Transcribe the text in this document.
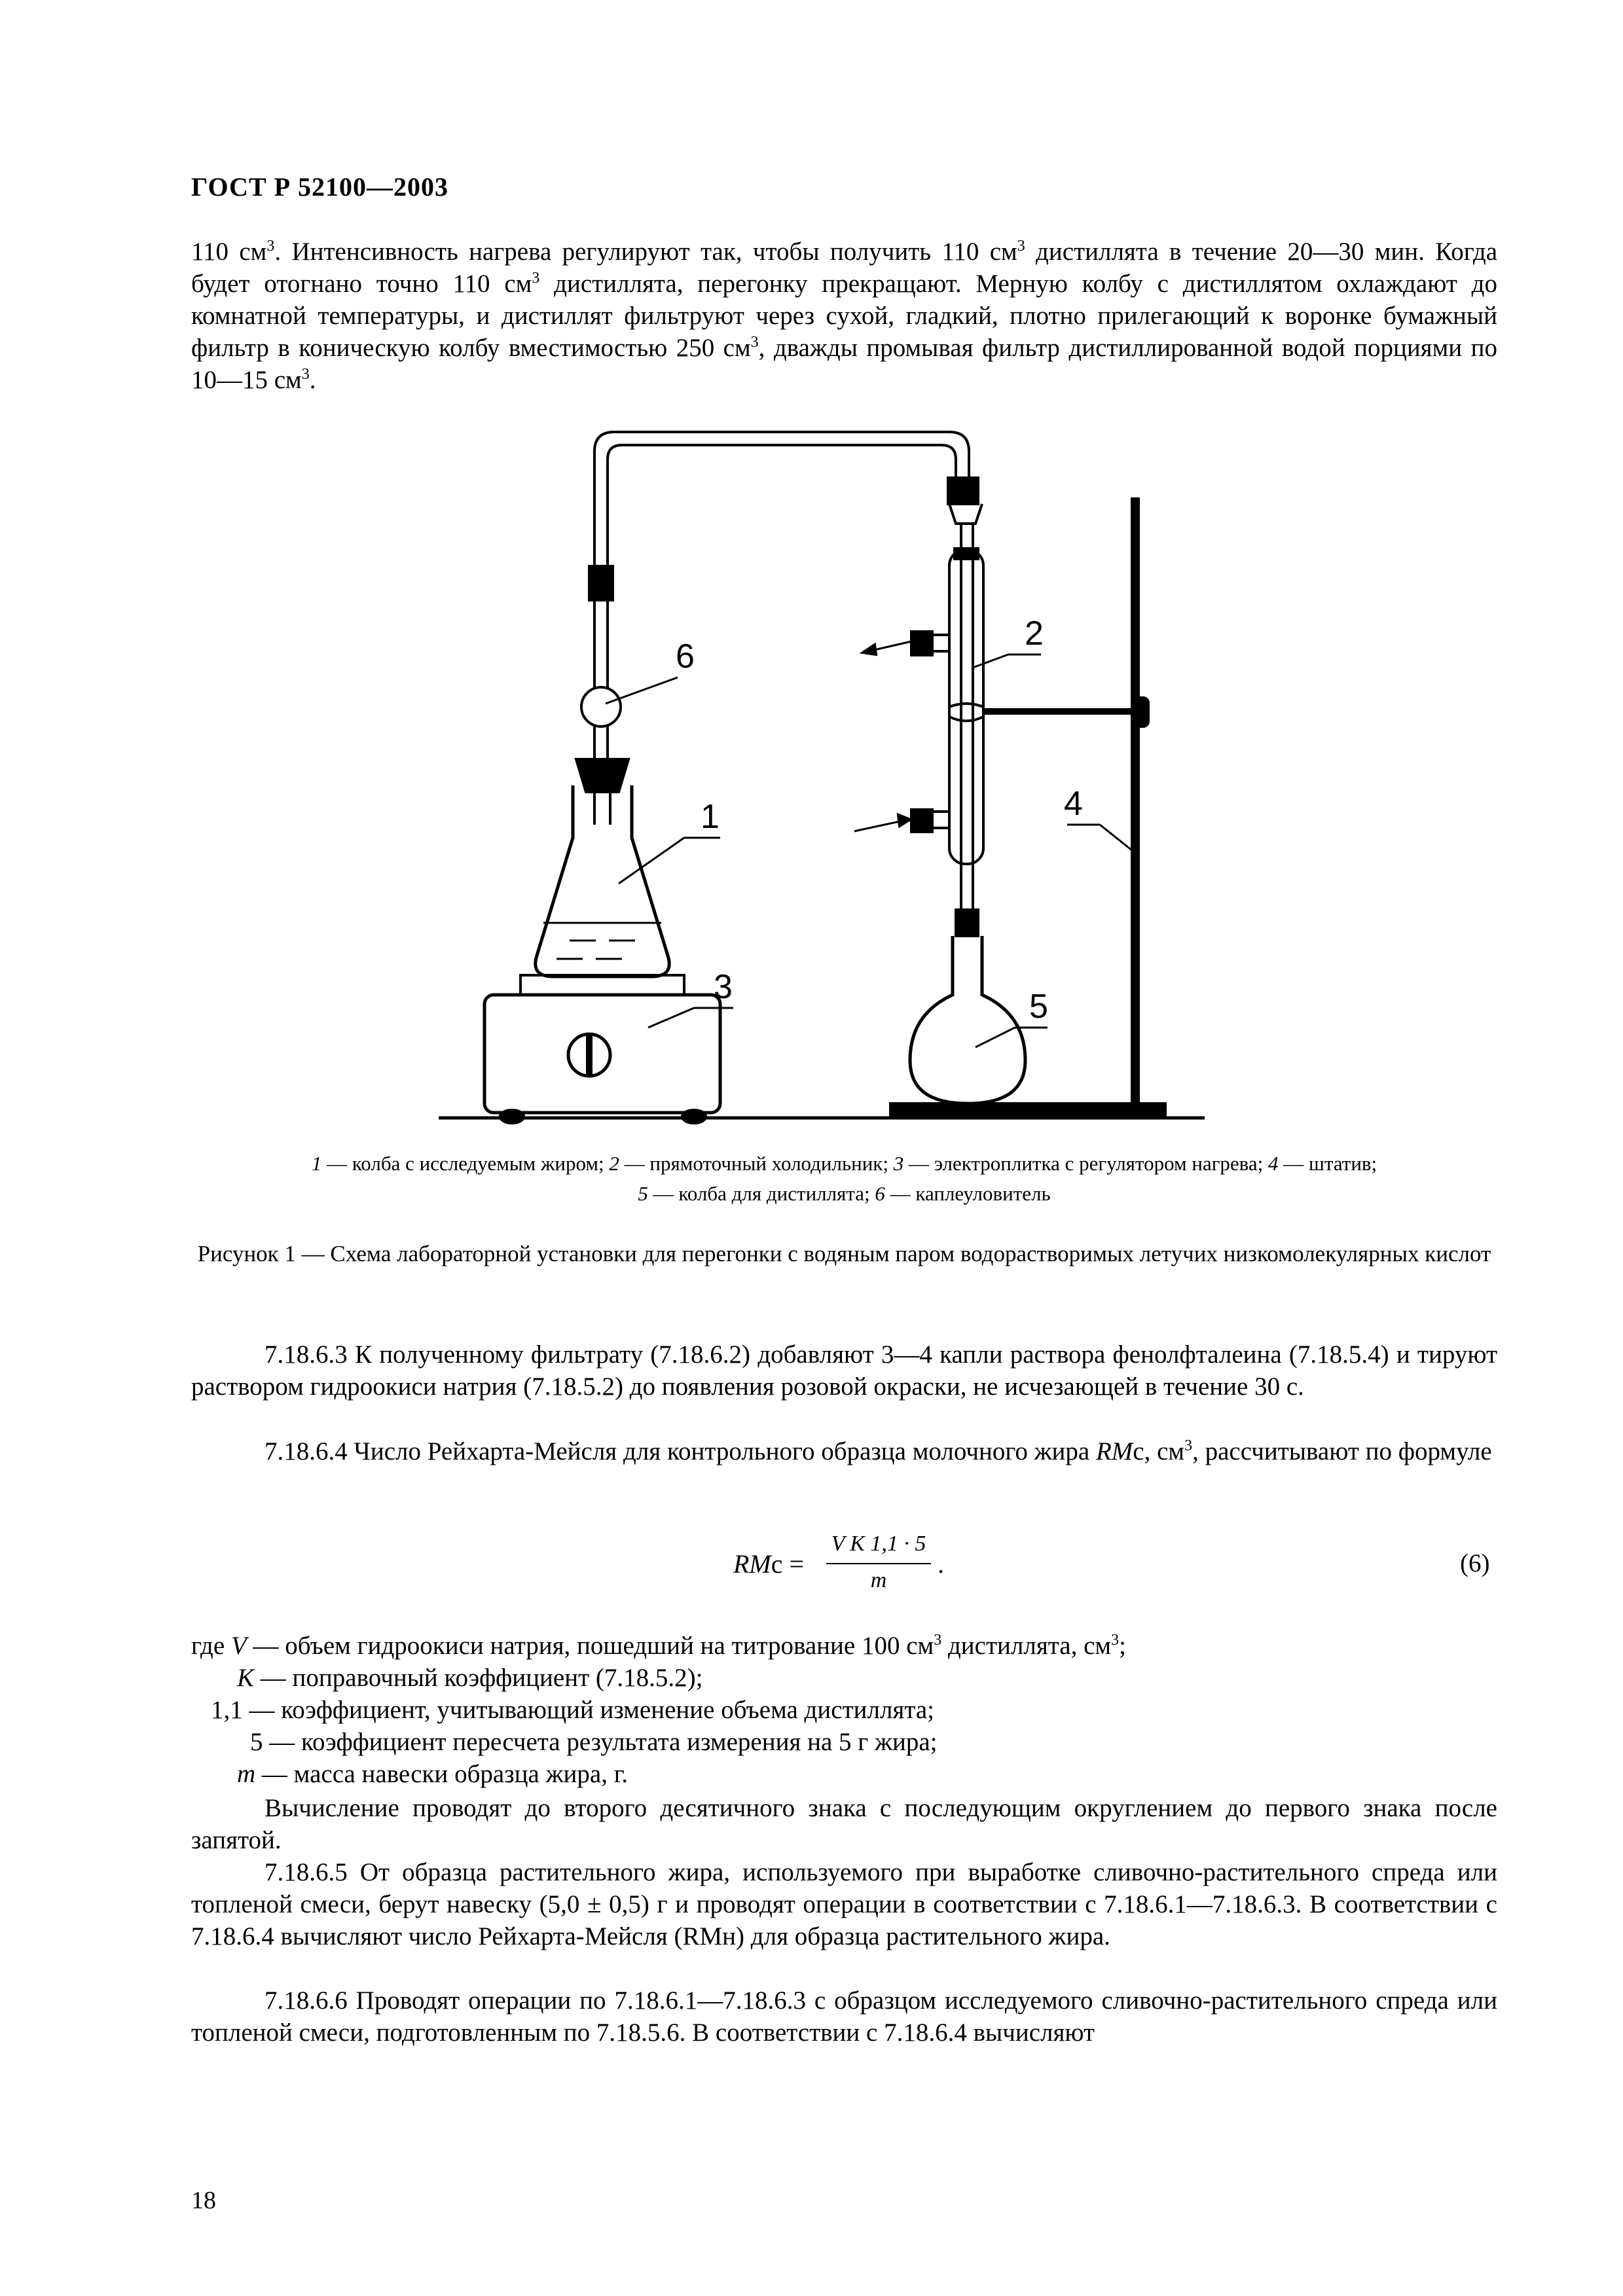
ГОСТ Р 52100—2003

110 $см^3$. Интенсивность нагрева регулируют так, чтобы получить 110 $см^3$ дистиллята в течение 20—30 мин. Когда будет отогнано точно 110 $см^3$ дистиллята, перегонку прекращают. Мерную колбу с дистиллятом охлаждают до комнатной температуры, и дистиллят фильтруют через сухой, гладкий, плотно прилегающий к воронке бумажный фильтр в коническую колбу вместимостью 250 $см^3$, дважды промывая фильтр дистиллированной водой порциями по 10—15 $см^3$.

1
2
3
4
5
6
1 — колба с исследуемым жиром; 2 — прямоточный холодильник; 3 — электроплитка с регулятором нагрева; 4 — штатив;
5 — колба для дистиллята; 6 — каплеуловитель
Рисунок 1 — Схема лабораторной установки для перегонки с водяным паром водорастворимых летучих низкомолекулярных кислот

7.18.6.3 К полученному фильтрату (7.18.6.2) добавляют 3—4 капли раствора фенолфталеина (7.18.5.4) и тируют раствором гидроокиси натрия (7.18.5.2) до появления розовой окраски, не исчезающей в течение 30 с.

7.18.6.4 Число Рейхарта-Мейсля для контрольного образца молочного жира RMс, $см^3$, рассчитывают по формуле

RMс =
V K 1,1 · 5
m
.	(6)
где V — объем гидроокиси натрия, пошедший на титрование 100 $см^3$ дистиллята, $см^3$;
K — поправочный коэффициент (7.18.5.2);
1,1 — коэффициент, учитывающий изменение объема дистиллята;
5 — коэффициент пересчета результата измерения на 5 г жира;
m — масса навески образца жира, г.

Вычисление проводят до второго десятичного знака с последующим округлением до первого знака после запятой.

7.18.6.5 От образца растительного жира, используемого при выработке сливочно-растительного спреда или топленой смеси, берут навеску (5,0 ± 0,5) г и проводят операции в соответствии с 7.18.6.1—7.18.6.3. В соответствии с 7.18.6.4 вычисляют число Рейхарта-Мейсля (RMн) для образца растительного жира.

7.18.6.6 Проводят операции по 7.18.6.1—7.18.6.3 с образцом исследуемого сливочно-растительного спреда или топленой смеси, подготовленным по 7.18.5.6. В соответствии с 7.18.6.4 вычисляют

18
